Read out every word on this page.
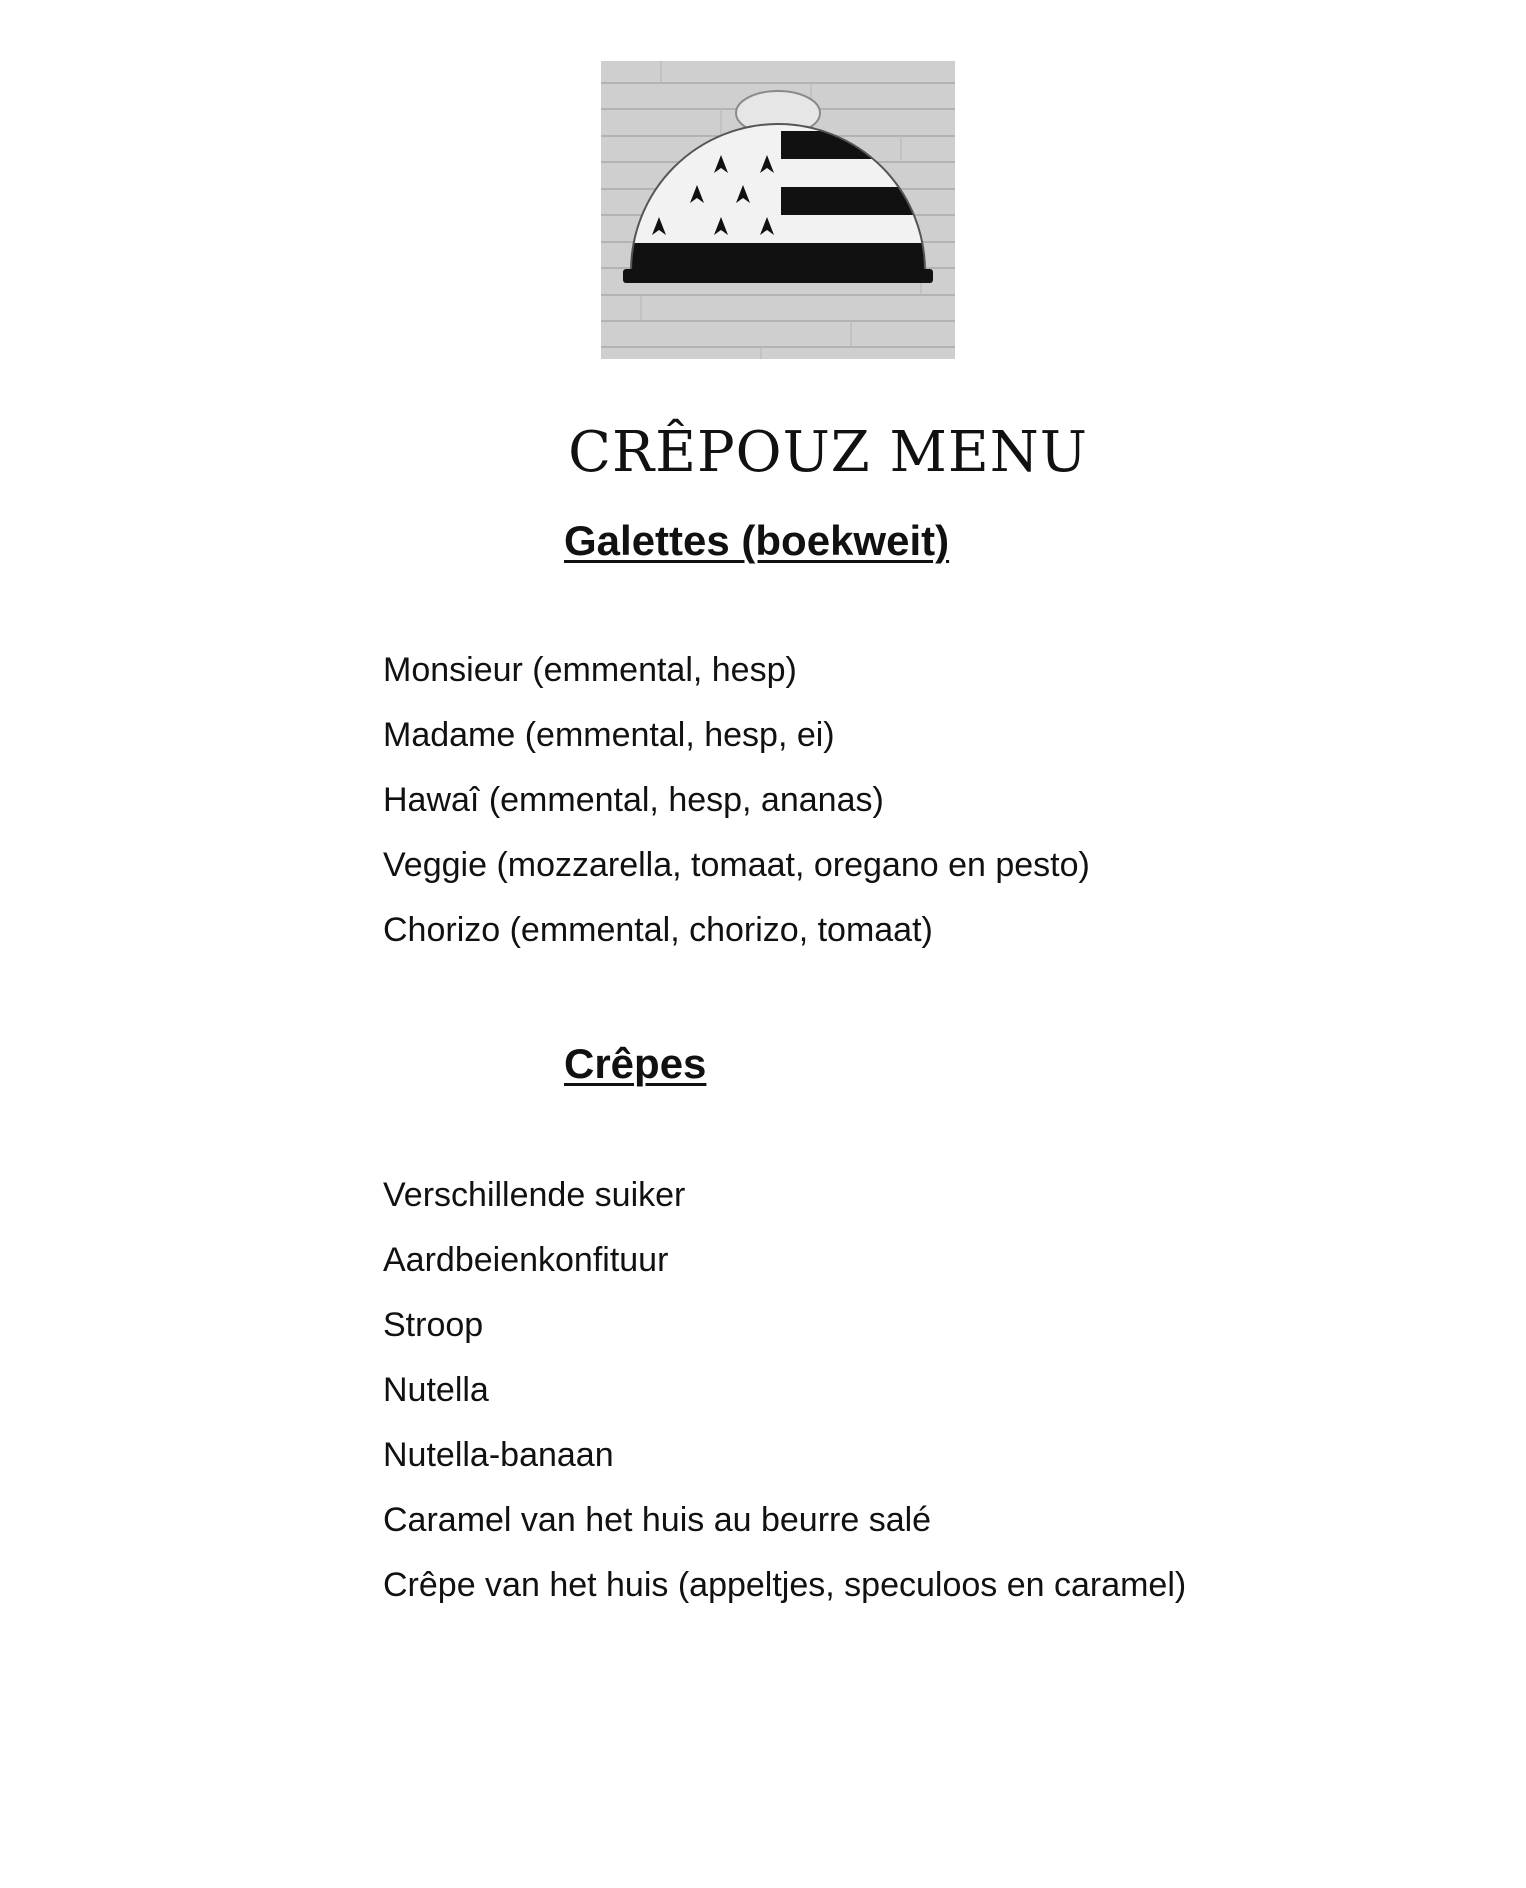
CRÊPOUZ MENU
Galettes (boekweit)
Monsieur (emmental, hesp)
Madame (emmental, hesp, ei)
Hawaî (emmental, hesp, ananas)
Veggie (mozzarella, tomaat, oregano en pesto)
Chorizo (emmental, chorizo, tomaat)
Crêpes
Verschillende suiker
Aardbeienkonfituur
Stroop
Nutella
Nutella-banaan
Caramel van het huis au beurre salé
Crêpe van het huis (appeltjes, speculoos en caramel)
